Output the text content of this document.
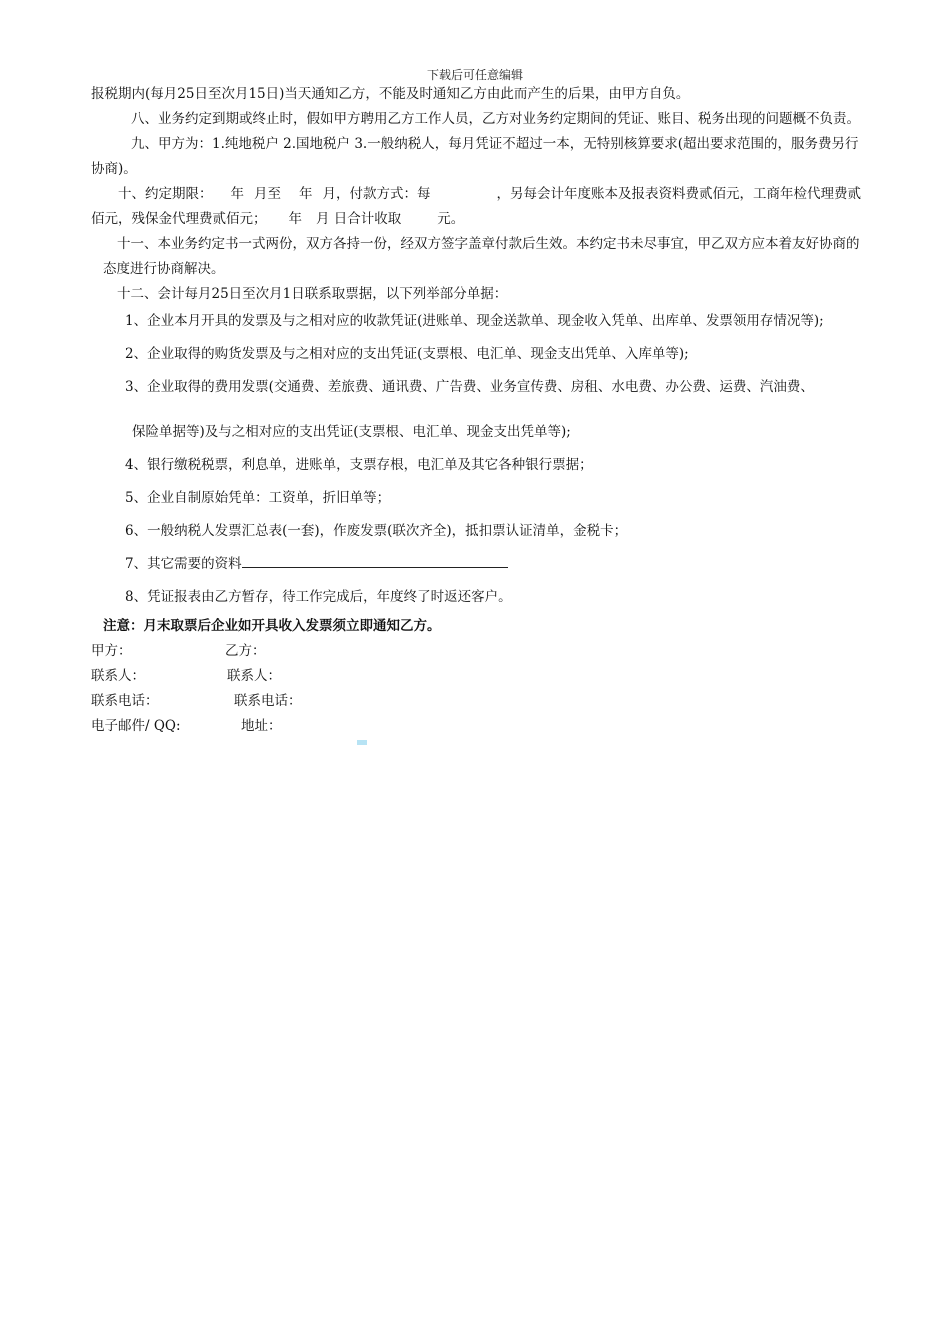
下载后可任意编辑

报税期内(每月25日至次月15日)当天通知乙方，不能及时通知乙方由此而产生的后果，由甲方自负。

八、业务约定到期或终止时，假如甲方聘用乙方工作人员，乙方对业务约定期间的凭证、账目、税务出现的问题概不负责。

九、甲方为：1.纯地税户 2.国地税户 3.一般纳税人，每月凭证不超过一本，无特别核算要求(超出要求范围的，服务费另行协商)。

十、约定期限： 年 月至 年 月，付款方式：每	，另每会计年度账本及报表资料费贰佰元，工商年检代理费贰佰元，残保金代理费贰佰元； 年 月 日合计收取	元。

十一、本业务约定书一式两份，双方各持一份，经双方签字盖章付款后生效。本约定书未尽事宜，甲乙双方应本着友好协商的态度进行协商解决。

十二、会计每月25日至次月1日联系取票据，以下列举部分单据：

1、企业本月开具的发票及与之相对应的收款凭证(进账单、现金送款单、现金收入凭单、出库单、发票领用存情况等);

2、企业取得的购货发票及与之相对应的支出凭证(支票根、电汇单、现金支出凭单、入库单等);

3、企业取得的费用发票(交通费、差旅费、通讯费、广告费、业务宣传费、房租、水电费、办公费、运费、汽油费、

保险单据等)及与之相对应的支出凭证(支票根、电汇单、现金支出凭单等);

4、银行缴税税票，利息单，进账单，支票存根，电汇单及其它各种银行票据；

5、企业自制原始凭单：工资单，折旧单等；

6、一般纳税人发票汇总表(一套)，作废发票(联次齐全)，抵扣票认证清单，金税卡；

7、其它需要的资料

8、凭证报表由乙方暂存，待工作完成后，年度终了时返还客户。

注意：月末取票后企业如开具收入发票须立即通知乙方。

甲方：	乙方：
联系人：	联系人：
联系电话：	联系电话：
电子邮件/ QQ:	地址：
